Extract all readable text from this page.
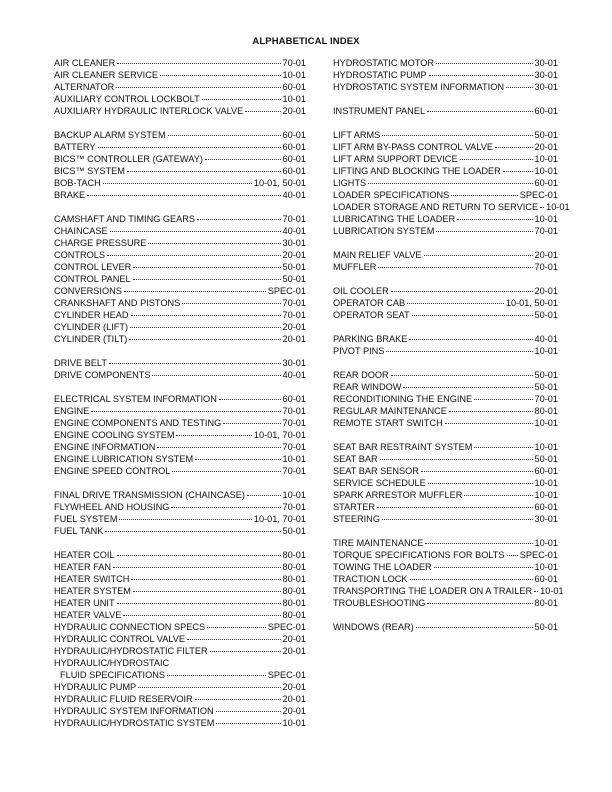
ALPHABETICAL INDEX
AIR CLEANER	70-01
AIR CLEANER SERVICE	10-01
ALTERNATOR	60-01
AUXILIARY CONTROL LOCKBOLT	10-01
AUXILIARY HYDRAULIC INTERLOCK VALVE	20-01
BACKUP ALARM SYSTEM	60-01
BATTERY	60-01
BICS™ CONTROLLER (GATEWAY)	60-01
BICS™ SYSTEM	60-01
BOB-TACH	10-01, 50-01
BRAKE	40-01
CAMSHAFT AND TIMING GEARS	70-01
CHAINCASE	40-01
CHARGE PRESSURE	30-01
CONTROLS	20-01
CONTROL LEVER	50-01
CONTROL PANEL	50-01
CONVERSIONS	SPEC-01
CRANKSHAFT AND PISTONS	70-01
CYLINDER HEAD	70-01
CYLINDER (LIFT)	20-01
CYLINDER (TILT)	20-01
DRIVE BELT	30-01
DRIVE COMPONENTS	40-01
ELECTRICAL SYSTEM INFORMATION	60-01
ENGINE	70-01
ENGINE COMPONENTS AND TESTING	70-01
ENGINE COOLING SYSTEM	10-01, 70-01
ENGINE INFORMATION	70-01
ENGINE LUBRICATION SYSTEM	10-01
ENGINE SPEED CONTROL	70-01
FINAL DRIVE TRANSMISSION (CHAINCASE)	10-01
FLYWHEEL AND HOUSING	70-01
FUEL SYSTEM	10-01, 70-01
FUEL TANK	50-01
HEATER COIL	80-01
HEATER FAN	80-01
HEATER SWITCH	80-01
HEATER SYSTEM	80-01
HEATER UNIT	80-01
HEATER VALVE	80-01
HYDRAULIC CONNECTION SPECS	SPEC-01
HYDRAULIC CONTROL VALVE	20-01
HYDRAULIC/HYDROSTATIC FILTER	20-01
HYDRAULIC/HYDROSTAIC
FLUID SPECIFICATIONS	SPEC-01
HYDRAULIC PUMP	20-01
HYDRAULIC FLUID RESERVOIR	20-01
HYDRAULIC SYSTEM INFORMATION	20-01
HYDRAULIC/HYDROSTATIC SYSTEM	10-01
HYDROSTATIC MOTOR	30-01
HYDROSTATIC PUMP	30-01
HYDROSTATIC SYSTEM INFORMATION	30-01
INSTRUMENT PANEL	60-01
LIFT ARMS	50-01
LIFT ARM BY-PASS CONTROL VALVE	20-01
LIFT ARM SUPPORT DEVICE	10-01
LIFTING AND BLOCKING THE LOADER	10-01
LIGHTS	60-01
LOADER SPECIFICATIONS	SPEC-01
LOADER STORAGE AND RETURN TO SERVICE 10-01
LUBRICATING THE LOADER	10-01
LUBRICATION SYSTEM	70-01
MAIN RELIEF VALVE	20-01
MUFFLER	70-01
OIL COOLER	20-01
OPERATOR CAB	10-01, 50-01
OPERATOR SEAT	50-01
PARKING BRAKE	40-01
PIVOT PINS	10-01
REAR DOOR	50-01
REAR WINDOW	50-01
RECONDITIONING THE ENGINE	70-01
REGULAR MAINTENANCE	80-01
REMOTE START SWITCH	10-01
SEAT BAR RESTRAINT SYSTEM	10-01
SEAT BAR	50-01
SEAT BAR SENSOR	60-01
SERVICE SCHEDULE	10-01
SPARK ARRESTOR MUFFLER	10-01
STARTER	60-01
STEERING	30-01
TIRE MAINTENANCE	10-01
TORQUE SPECIFICATIONS FOR BOLTS SPEC-01
TOWING THE LOADER	10-01
TRACTION LOCK	60-01
TRANSPORTING THE LOADER ON A TRAILER 10-01
TROUBLESHOOTING	80-01
WINDOWS (REAR)	50-01
